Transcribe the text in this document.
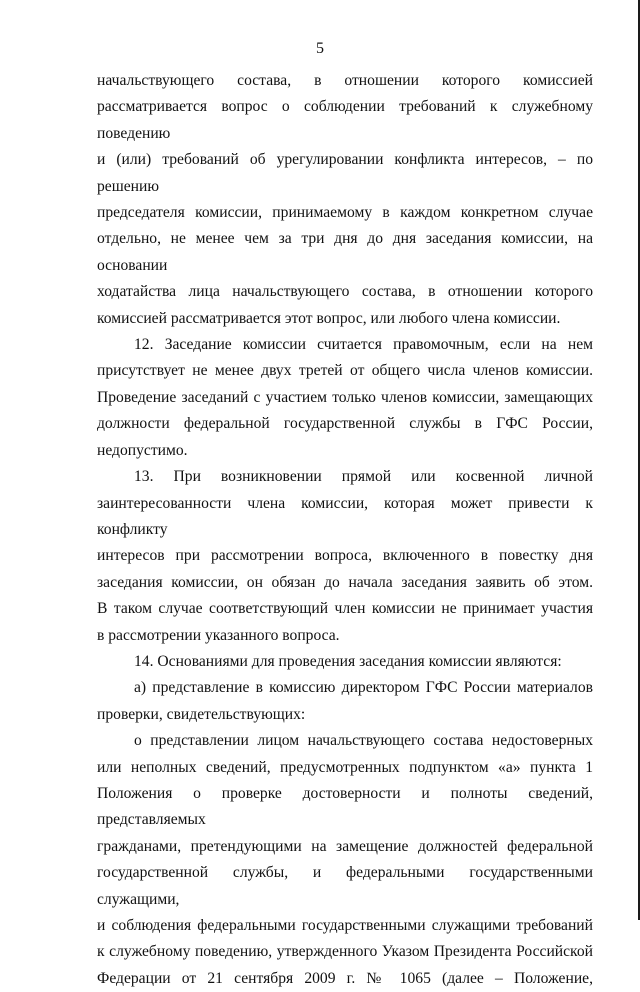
5

начальствующего состава, в отношении которого комиссией

рассматривается вопрос о соблюдении требований к служебному поведению

и (или) требований об урегулировании конфликта интересов, – по решению

председателя комиссии, принимаемому в каждом конкретном случае

отдельно, не менее чем за три дня до дня заседания комиссии, на основании

ходатайства лица начальствующего состава, в отношении которого

комиссией рассматривается этот вопрос, или любого члена комиссии.

12. Заседание комиссии считается правомочным, если на нем

присутствует не менее двух третей от общего числа членов комиссии.

Проведение заседаний с участием только членов комиссии, замещающих

должности федеральной государственной службы в ГФС России,

недопустимо.

13. При возникновении прямой или косвенной личной

заинтересованности члена комиссии, которая может привести к конфликту

интересов при рассмотрении вопроса, включенного в повестку дня

заседания комиссии, он обязан до начала заседания заявить об этом.

В таком случае соответствующий член комиссии не принимает участия

в рассмотрении указанного вопроса.

14. Основаниями для проведения заседания комиссии являются:

а) представление в комиссию директором ГФС России материалов

проверки, свидетельствующих:

о представлении лицом начальствующего состава недостоверных

или неполных сведений, предусмотренных подпунктом «а» пункта 1

Положения о проверке достоверности и полноты сведений, представляемых

гражданами, претендующими на замещение должностей федеральной

государственной службы, и федеральными государственными служащими,

и соблюдения федеральными государственными служащими требований

к служебному поведению, утвержденного Указом Президента Российской

Федерации от 21 сентября 2009 г. № 1065 (далее – Положение,
